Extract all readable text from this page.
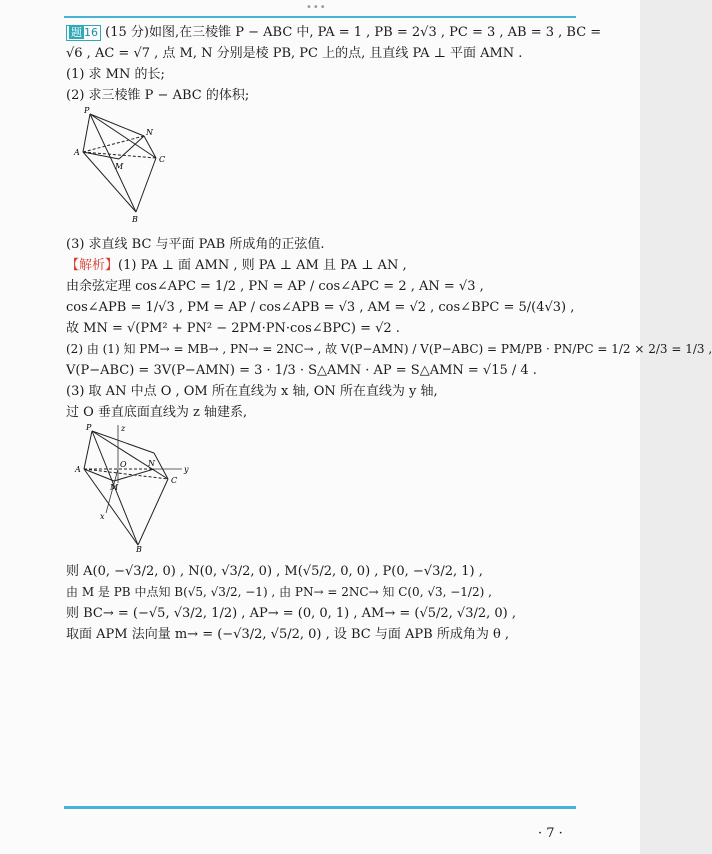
•••
题 16 (15 分)如图,在三棱锥 P − ABC 中, PA = 1 , PB = 2√3 , PC = 3 , AB = 3 , BC =
√6 , AC = √7 , 点 M, N 分别是棱 PB, PC 上的点, 且直线 PA ⊥ 平面 AMN .
(1) 求 MN 的长;
(2) 求三棱锥 P − ABC 的体积;
P
A
N
M
C
B
(3) 求直线 BC 与平面 PAB 所成角的正弦值.
【解析】(1) PA ⊥ 面 AMN , 则 PA ⊥ AM 且 PA ⊥ AN ,
由余弦定理 cos∠APC = 1/2 , PN = AP / cos∠APC = 2 , AN = √3 ,
cos∠APB = 1/√3 , PM = AP / cos∠APB = √3 , AM = √2 , cos∠BPC = 5/(4√3) ,
故 MN = √(PM² + PN² − 2PM·PN·cos∠BPC) = √2 .
(2) 由 (1) 知 PM→ = MB→ , PN→ = 2NC→ , 故 V(P−AMN) / V(P−ABC) = PM/PB · PN/PC = 1/2 × 2/3 = 1/3 ,
V(P−ABC) = 3V(P−AMN) = 3 · 1/3 · S△AMN · AP = S△AMN = √15 / 4 .
(3) 取 AN 中点 O , OM 所在直线为 x 轴, ON 所在直线为 y 轴,
过 O 垂直底面直线为 z 轴建系,
P	z
A
O	N
y
M
x
C
B
则 A(0, −√3/2, 0) , N(0, √3/2, 0) , M(√5/2, 0, 0) , P(0, −√3/2, 1) ,
由 M 是 PB 中点知 B(√5, √3/2, −1) , 由 PN→ = 2NC→ 知 C(0, √3, −1/2) ,
则 BC→ = (−√5, √3/2, 1/2) , AP→ = (0, 0, 1) , AM→ = (√5/2, √3/2, 0) ,
取面 APM 法向量 m→ = (−√3/2, √5/2, 0) , 设 BC 与面 APB 所成角为 θ ,
· 7 ·
